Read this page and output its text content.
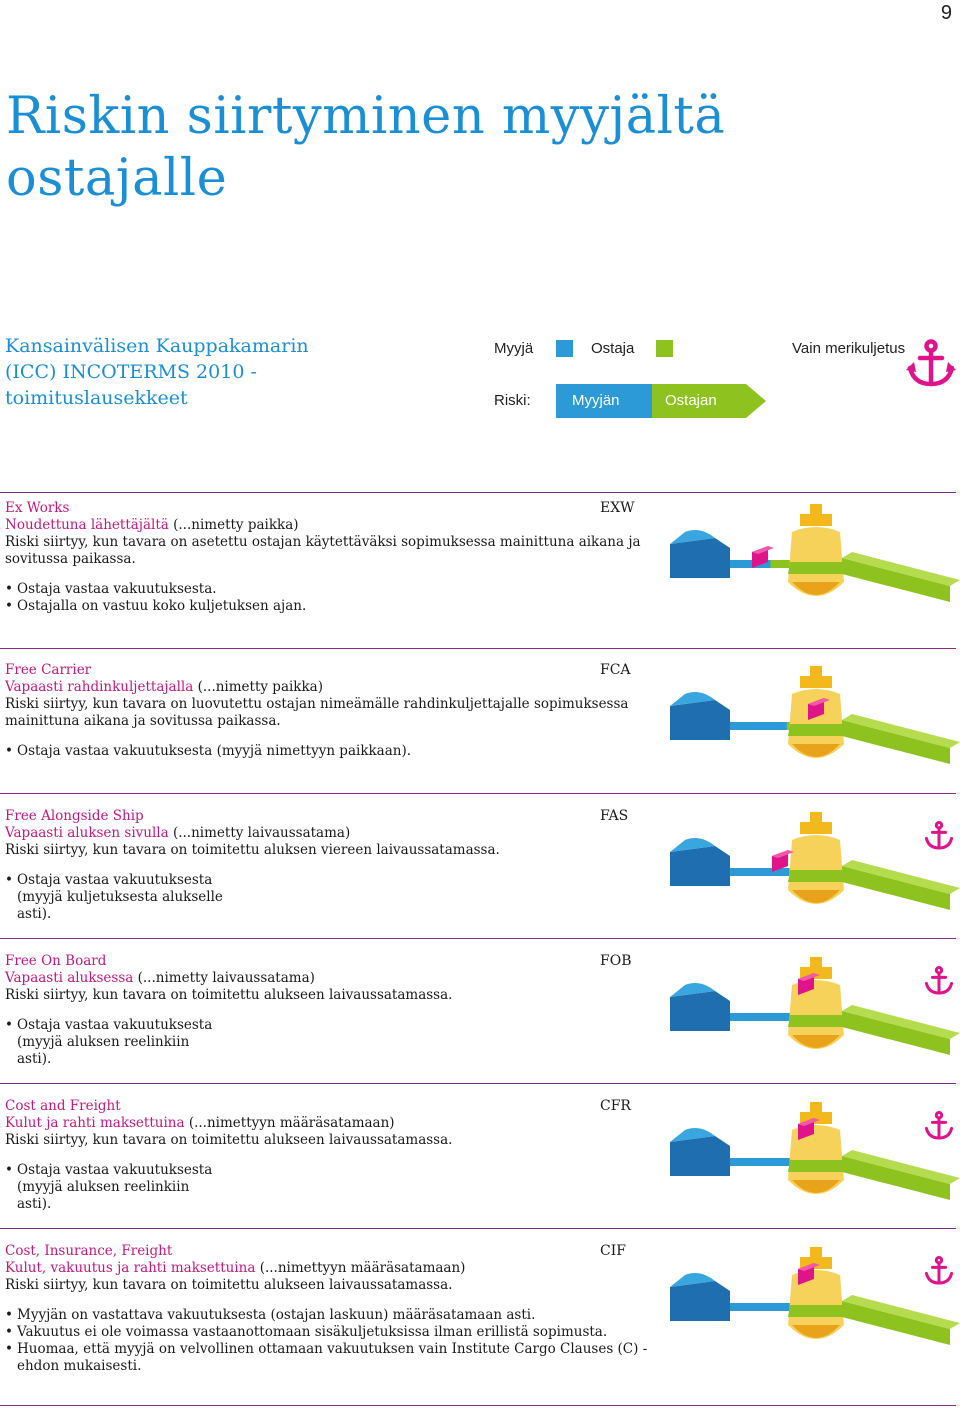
9
Riskin siirtyminen myyjältä ostajalle

Kansainvälisen Kauppakamarin (ICC) INCOTERMS 2010 -toimituslausekkeet

Myyjä	Ostaja	Vain merikuljetus
Riski:	Myyjän	Ostajan
Ex Works	EXW
Noudettuna lähettäjältä (...nimetty paikka)
Riski siirtyy, kun tavara on asetettu ostajan käytettäväksi sopimuksessa mainittuna aikana ja sovitussa paikassa.
• Ostaja vastaa vakuutuksesta.
• Ostajalla on vastuu koko kuljetuksen ajan.
Free Carrier	FCA
Vapaasti rahdinkuljettajalla (...nimetty paikka)
Riski siirtyy, kun tavara on luovutettu ostajan nimeämälle rahdinkuljettajalle sopimuksessa mainittuna aikana ja sovitussa paikassa.
• Ostaja vastaa vakuutuksesta (myyjä nimettyyn paikkaan).
Free Alongside Ship	FAS
Vapaasti aluksen sivulla (...nimetty laivaussatama)
Riski siirtyy, kun tavara on toimitettu aluksen viereen laivaussatamassa.
• Ostaja vastaa vakuutuksesta (myyjä kuljetuksesta alukselle asti).
Free On Board	FOB
Vapaasti aluksessa (...nimetty laivaussatama)
Riski siirtyy, kun tavara on toimitettu alukseen laivaussatamassa.
• Ostaja vastaa vakuutuksesta (myyjä aluksen reelinkiin asti).
Cost and Freight	CFR
Kulut ja rahti maksettuina (...nimettyyn määräsatamaan)
Riski siirtyy, kun tavara on toimitettu alukseen laivaussatamassa.
• Ostaja vastaa vakuutuksesta (myyjä aluksen reelinkiin asti).
Cost, Insurance, Freight	CIF
Kulut, vakuutus ja rahti maksettuina (...nimettyyn määräsatamaan)
Riski siirtyy, kun tavara on toimitettu alukseen laivaussatamassa.
• Myyjän on vastattava vakuutuksesta (ostajan laskuun) määräsatamaan asti.
• Vakuutus ei ole voimassa vastaanottomaan sisäkuljetuksissa ilman erillistä sopimusta.
• Huomaa, että myyjä on velvollinen ottamaan vakuutuksen vain Institute Cargo Clauses (C) -ehdon mukaisesti.
